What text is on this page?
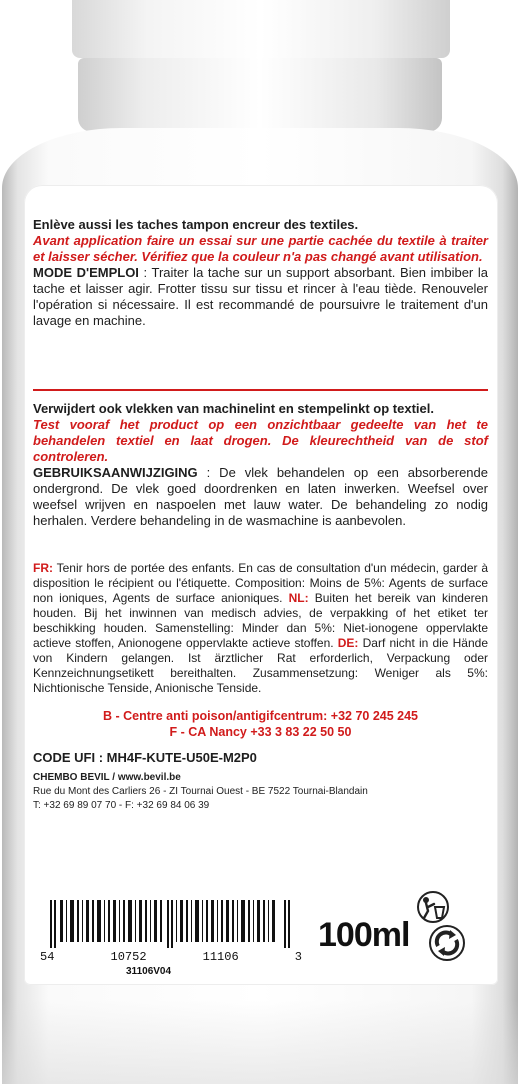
Enlève aussi les taches tampon encreur des textiles.

Avant application faire un essai sur une partie cachée du textile à traiter et laisser sécher. Vérifiez que la couleur n'a pas changé avant utilisation.

MODE D'EMPLOI : Traiter la tache sur un support absorbant. Bien imbiber la tache et laisser agir. Frotter tissu sur tissu et rincer à l'eau tiède. Renouveler l'opération si nécessaire. Il est recommandé de poursuivre le traitement d'un lavage en machine.

Verwijdert ook vlekken van machinelint en stempelinkt op textiel.

Test vooraf het product op een onzichtbaar gedeelte van het te behandelen textiel en laat drogen. De kleurechtheid van de stof controleren.

GEBRUIKSAANWIJZIGING : De vlek behandelen op een absorberende ondergrond. De vlek goed doordrenken en laten inwerken. Weefsel over weefsel wrijven en naspoelen met lauw water. De behandeling zo nodig herhalen. Verdere behandeling in de wasmachine is aanbevolen.

FR: Tenir hors de portée des enfants. En cas de consultation d'un médecin, garder à disposition le récipient ou l'étiquette. Composition: Moins de 5%: Agents de surface non ioniques, Agents de surface anioniques. NL: Buiten het bereik van kinderen houden. Bij het inwinnen van medisch advies, de verpakking of het etiket ter beschikking houden. Samenstelling: Minder dan 5%: Niet-ionogene oppervlakte actieve stoffen, Anionogene oppervlakte actieve stoffen. DE: Darf nicht in die Hände von Kindern gelangen. Ist ärztlicher Rat erforderlich, Verpackung oder Kennzeichnungsetikett bereithalten. Zusammensetzung: Weniger als 5%: Nichtionische Tenside, Anionische Tenside.

B - Centre anti poison/antigifcentrum: +32 70 245 245

F - CA Nancy +33 3 83 22 50 50

CODE UFI : MH4F-KUTE-U50E-M2P0

CHEMBO BEVIL / www.bevil.be

Rue du Mont des Carliers 26 - ZI Tournai Ouest - BE 7522 Tournai-Blandain

T: +32 69 89 07 70 - F: +32 69 84 06 39

54	10752	11106	3
31106V04
100ml
